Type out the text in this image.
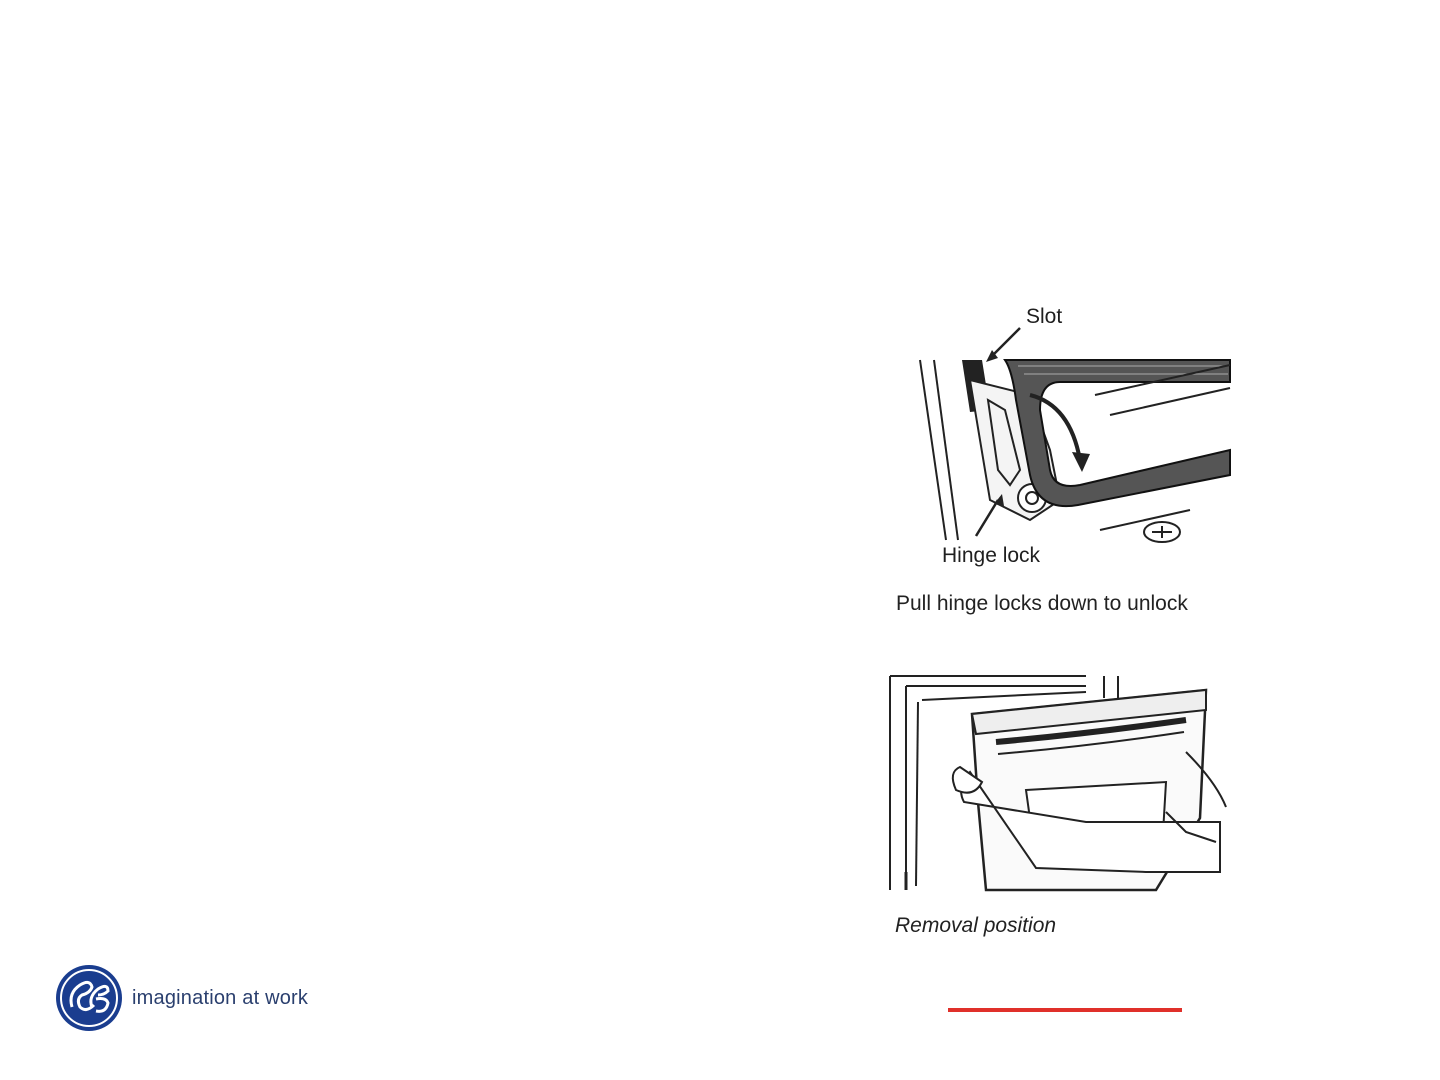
Slot
Hinge lock
Pull hinge locks down to unlock
Removal position
imagination at work
